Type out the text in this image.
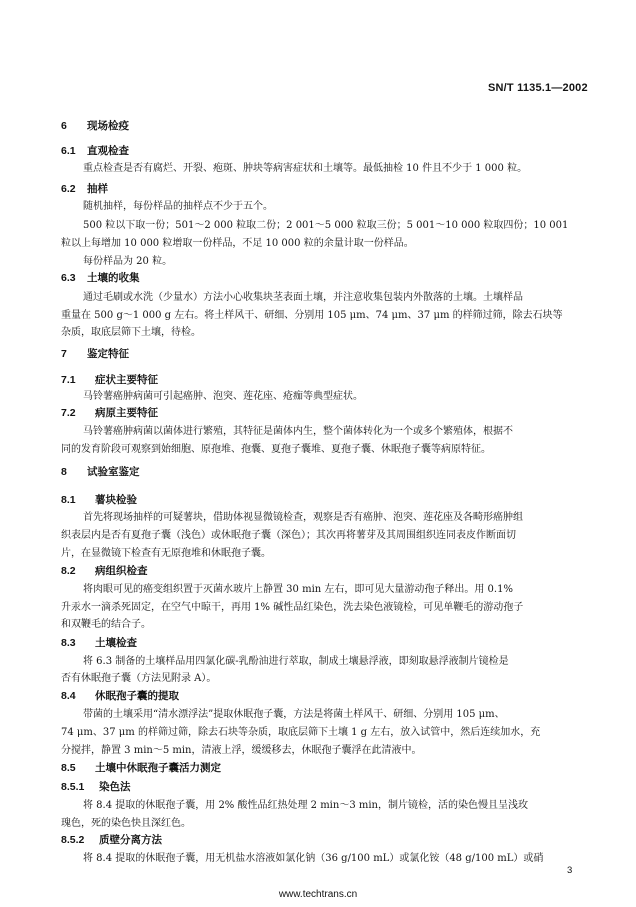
SN/T 1135.1—2002
6 现场检疫
6.1 直观检查
重点检查是否有腐烂、开裂、疱斑、肿块等病害症状和土壤等。最低抽检 10 件且不少于 1 000 粒。
6.2 抽样
随机抽样，每份样品的抽样点不少于五个。
500 粒以下取一份；501～2 000 粒取二份；2 001～5 000 粒取三份；5 001～10 000 粒取四份；10 001
粒以上每增加 10 000 粒增取一份样品，不足 10 000 粒的余量计取一份样品。
每份样品为 20 粒。
6.3 土壤的收集
通过毛刷或水洗（少量水）方法小心收集块茎表面土壤，并注意收集包装内外散落的土壤。土壤样品
重量在 500 g～1 000 g 左右。将土样风干、研细、分别用 105 μm、74 μm、37 μm 的样筛过筛，除去石块等
杂质，取底层筛下土壤，待检。
7 鉴定特征
7.1 症状主要特征
马铃薯癌肿病菌可引起癌肿、泡突、莲花座、疮痂等典型症状。
7.2 病原主要特征
马铃薯癌肿病菌以菌体进行繁殖，其特征是菌体内生，整个菌体转化为一个或多个繁殖体，根据不
同的发育阶段可观察到始细胞、原孢堆、孢囊、夏孢子囊堆、夏孢子囊、休眠孢子囊等病原特征。
8 试验室鉴定
8.1 薯块检验
首先将现场抽样的可疑薯块，借助体视显微镜检查，观察是否有癌肿、泡突、莲花座及各畸形癌肿组
织表层内是否有夏孢子囊（浅色）或休眠孢子囊（深色）；其次再将薯芽及其周围组织连同表皮作断面切
片，在显微镜下检查有无原孢堆和休眠孢子囊。
8.2 病组织检查
将肉眼可见的癌变组织置于灭菌水玻片上静置 30 min 左右，即可见大量游动孢子释出。用 0.1%
升汞水一滴杀死固定，在空气中晾干，再用 1% 碱性品红染色，洗去染色液镜检，可见单鞭毛的游动孢子
和双鞭毛的结合子。
8.3 土壤检查
将 6.3 制备的土壤样品用四氯化碳-乳酚油进行萃取，制成土壤悬浮液，即刻取悬浮液制片镜检是
否有休眠孢子囊（方法见附录 A）。
8.4 休眠孢子囊的提取
带菌的土壤采用“清水漂浮法”提取休眠孢子囊，方法是将菌土样风干、研细、分别用 105 μm、
74 μm、37 μm 的样筛过筛，除去石块等杂质，取底层筛下土壤 1 g 左右，放入试管中，然后连续加水，充
分搅拌，静置 3 min～5 min，清液上浮，缓缓移去，休眠孢子囊浮在此清液中。
8.5 土壤中休眠孢子囊活力测定
8.5.1 染色法
将 8.4 提取的休眠孢子囊，用 2% 酸性品红热处理 2 min～3 min，制片镜检，活的染色慢且呈浅玫
瑰色，死的染色快且深红色。
8.5.2 质壁分离方法
将 8.4 提取的休眠孢子囊，用无机盐水溶液如氯化钠（36 g/100 mL）或氯化铵（48 g/100 mL）或硝
3
www.techtrans.cn
